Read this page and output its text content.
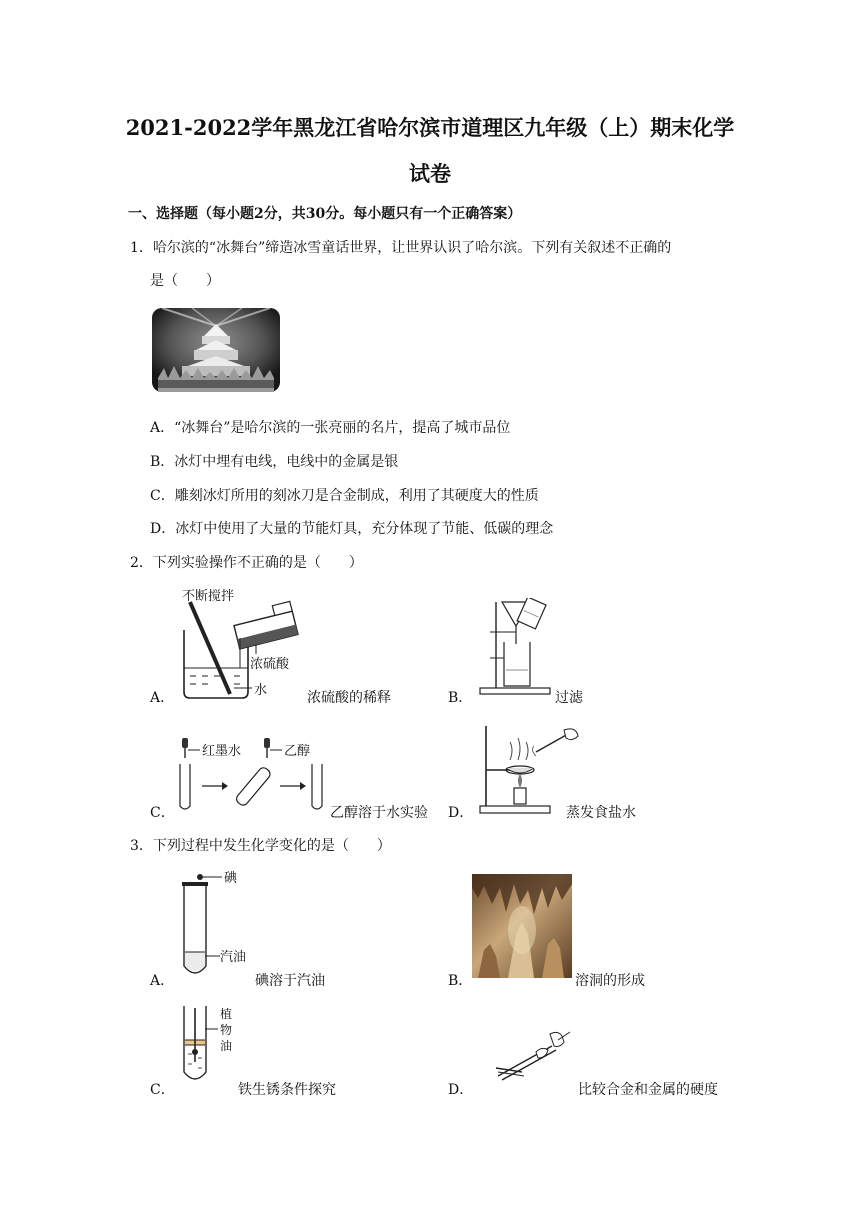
2021-2022学年黑龙江省哈尔滨市道理区九年级（上）期末化学
试卷
一、选择题（每小题2分，共30分。每小题只有一个正确答案）
1．哈尔滨的“冰舞台”缔造冰雪童话世界，让世界认识了哈尔滨。下列有关叙述不正确的
是（　　）
A．“冰舞台”是哈尔滨的一张亮丽的名片，提高了城市品位
B．冰灯中埋有电线，电线中的金属是银
C．雕刻冰灯所用的刻冰刀是合金制成，利用了其硬度大的性质
D．冰灯中使用了大量的节能灯具，充分体现了节能、低碳的理念
2．下列实验操作不正确的是（　　）
不断搅拌
浓硫酸
水
A．	浓硫酸的稀释	B．	过滤
红墨水	乙醇
C．	乙醇溶于水实验 D．	蒸发食盐水
3．下列过程中发生化学变化的是（　　）
碘
汽油
A．	碘溶于汽油	B．	溶洞的形成
植
物
油
C．	铁生锈条件探究	D．	比较合金和金属的硬度
